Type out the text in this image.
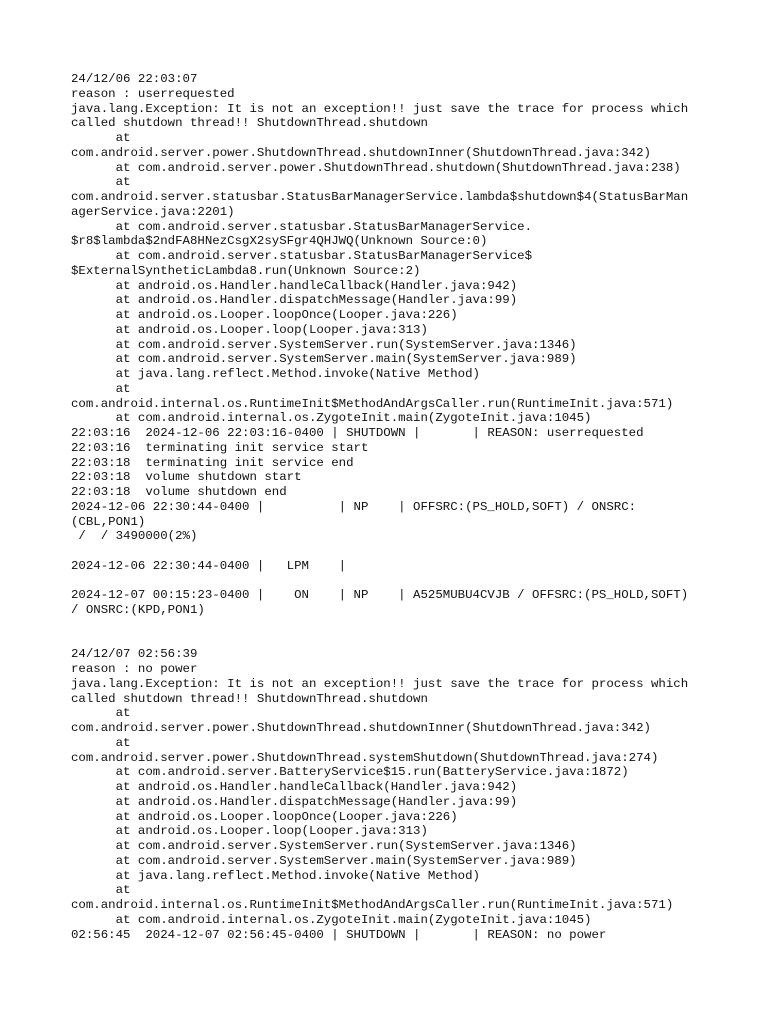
24/12/06 22:03:07
reason : userrequested
java.lang.Exception: It is not an exception!! just save the trace for process which
called shutdown thread!! ShutdownThread.shutdown
at
com.android.server.power.ShutdownThread.shutdownInner(ShutdownThread.java:342)
at com.android.server.power.ShutdownThread.shutdown(ShutdownThread.java:238)
at
com.android.server.statusbar.StatusBarManagerService.lambda$shutdown$4(StatusBarMan
agerService.java:2201)
at com.android.server.statusbar.StatusBarManagerService.
$r8$lambda$2ndFA8HNezCsgX2sySFgr4QHJWQ(Unknown Source:0)
at com.android.server.statusbar.StatusBarManagerService$
$ExternalSyntheticLambda8.run(Unknown Source:2)
at android.os.Handler.handleCallback(Handler.java:942)
at android.os.Handler.dispatchMessage(Handler.java:99)
at android.os.Looper.loopOnce(Looper.java:226)
at android.os.Looper.loop(Looper.java:313)
at com.android.server.SystemServer.run(SystemServer.java:1346)
at com.android.server.SystemServer.main(SystemServer.java:989)
at java.lang.reflect.Method.invoke(Native Method)
at
com.android.internal.os.RuntimeInit$MethodAndArgsCaller.run(RuntimeInit.java:571)
at com.android.internal.os.ZygoteInit.main(ZygoteInit.java:1045)
22:03:16  2024-12-06 22:03:16-0400 | SHUTDOWN |       | REASON: userrequested
22:03:16  terminating init service start
22:03:18  terminating init service end
22:03:18  volume shutdown start
22:03:18  volume shutdown end
2024-12-06 22:30:44-0400 |          | NP    | OFFSRC:(PS_HOLD,SOFT) / ONSRC:
(CBL,PON1)
/  / 3490000(2%)
2024-12-06 22:30:44-0400 |   LPM    |
2024-12-07 00:15:23-0400 |    ON    | NP    | A525MUBU4CVJB / OFFSRC:(PS_HOLD,SOFT)
/ ONSRC:(KPD,PON1)
24/12/07 02:56:39
reason : no power
java.lang.Exception: It is not an exception!! just save the trace for process which
called shutdown thread!! ShutdownThread.shutdown
at
com.android.server.power.ShutdownThread.shutdownInner(ShutdownThread.java:342)
at
com.android.server.power.ShutdownThread.systemShutdown(ShutdownThread.java:274)
at com.android.server.BatteryService$15.run(BatteryService.java:1872)
at android.os.Handler.handleCallback(Handler.java:942)
at android.os.Handler.dispatchMessage(Handler.java:99)
at android.os.Looper.loopOnce(Looper.java:226)
at android.os.Looper.loop(Looper.java:313)
at com.android.server.SystemServer.run(SystemServer.java:1346)
at com.android.server.SystemServer.main(SystemServer.java:989)
at java.lang.reflect.Method.invoke(Native Method)
at
com.android.internal.os.RuntimeInit$MethodAndArgsCaller.run(RuntimeInit.java:571)
at com.android.internal.os.ZygoteInit.main(ZygoteInit.java:1045)
02:56:45  2024-12-07 02:56:45-0400 | SHUTDOWN |       | REASON: no power
